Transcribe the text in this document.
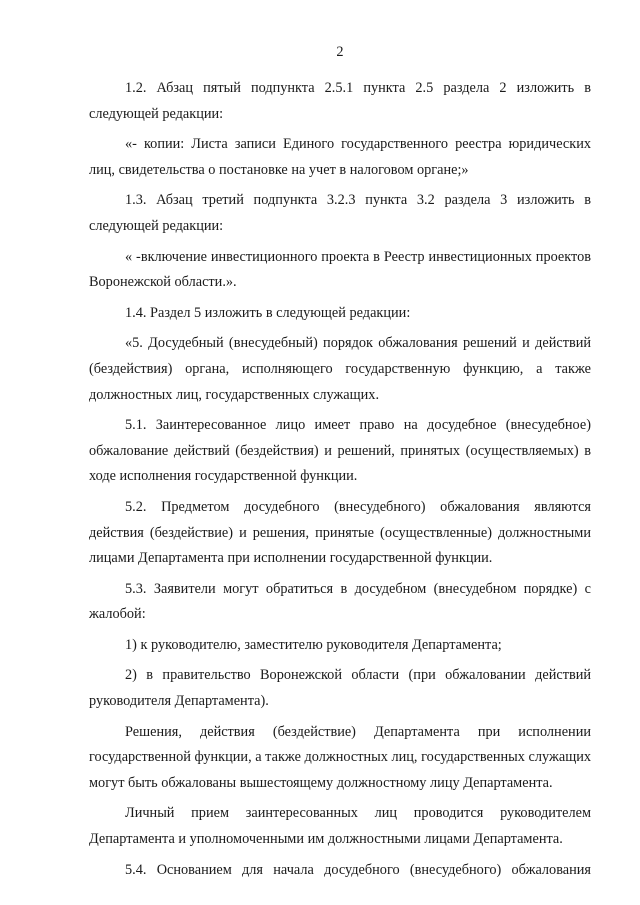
2

1.2. Абзац пятый подпункта 2.5.1 пункта 2.5 раздела 2 изложить в следующей редакции:

«- копии: Листа записи Единого государственного реестра юридических лиц, свидетельства о постановке на учет в налоговом органе;»

1.3. Абзац третий подпункта 3.2.3 пункта 3.2 раздела 3 изложить в следующей редакции:

« -включение инвестиционного проекта в Реестр инвестиционных проектов Воронежской области.».

1.4. Раздел 5 изложить в следующей редакции:

«5. Досудебный (внесудебный) порядок обжалования решений и действий (бездействия) органа, исполняющего государственную функцию, а также должностных лиц, государственных служащих.

5.1. Заинтересованное лицо имеет право на досудебное (внесудебное) обжалование действий (бездействия) и решений, принятых (осуществляемых) в ходе исполнения государственной функции.

5.2. Предметом досудебного (внесудебного) обжалования являются действия (бездействие) и решения, принятые (осуществленные) должностными лицами Департамента при исполнении государственной функции.

5.3. Заявители могут обратиться в досудебном (внесудебном порядке) с жалобой:

1) к руководителю, заместителю руководителя Департамента;

2) в правительство Воронежской области (при обжаловании действий руководителя Департамента).

Решения, действия (бездействие) Департамента при исполнении государственной функции, а также должностных лиц, государственных служащих могут быть обжалованы вышестоящему должностному лицу Департамента.

Личный прием заинтересованных лиц проводится руководителем Департамента и уполномоченными им должностными лицами Департамента.

5.4. Основанием для начала досудебного (внесудебного) обжалования
